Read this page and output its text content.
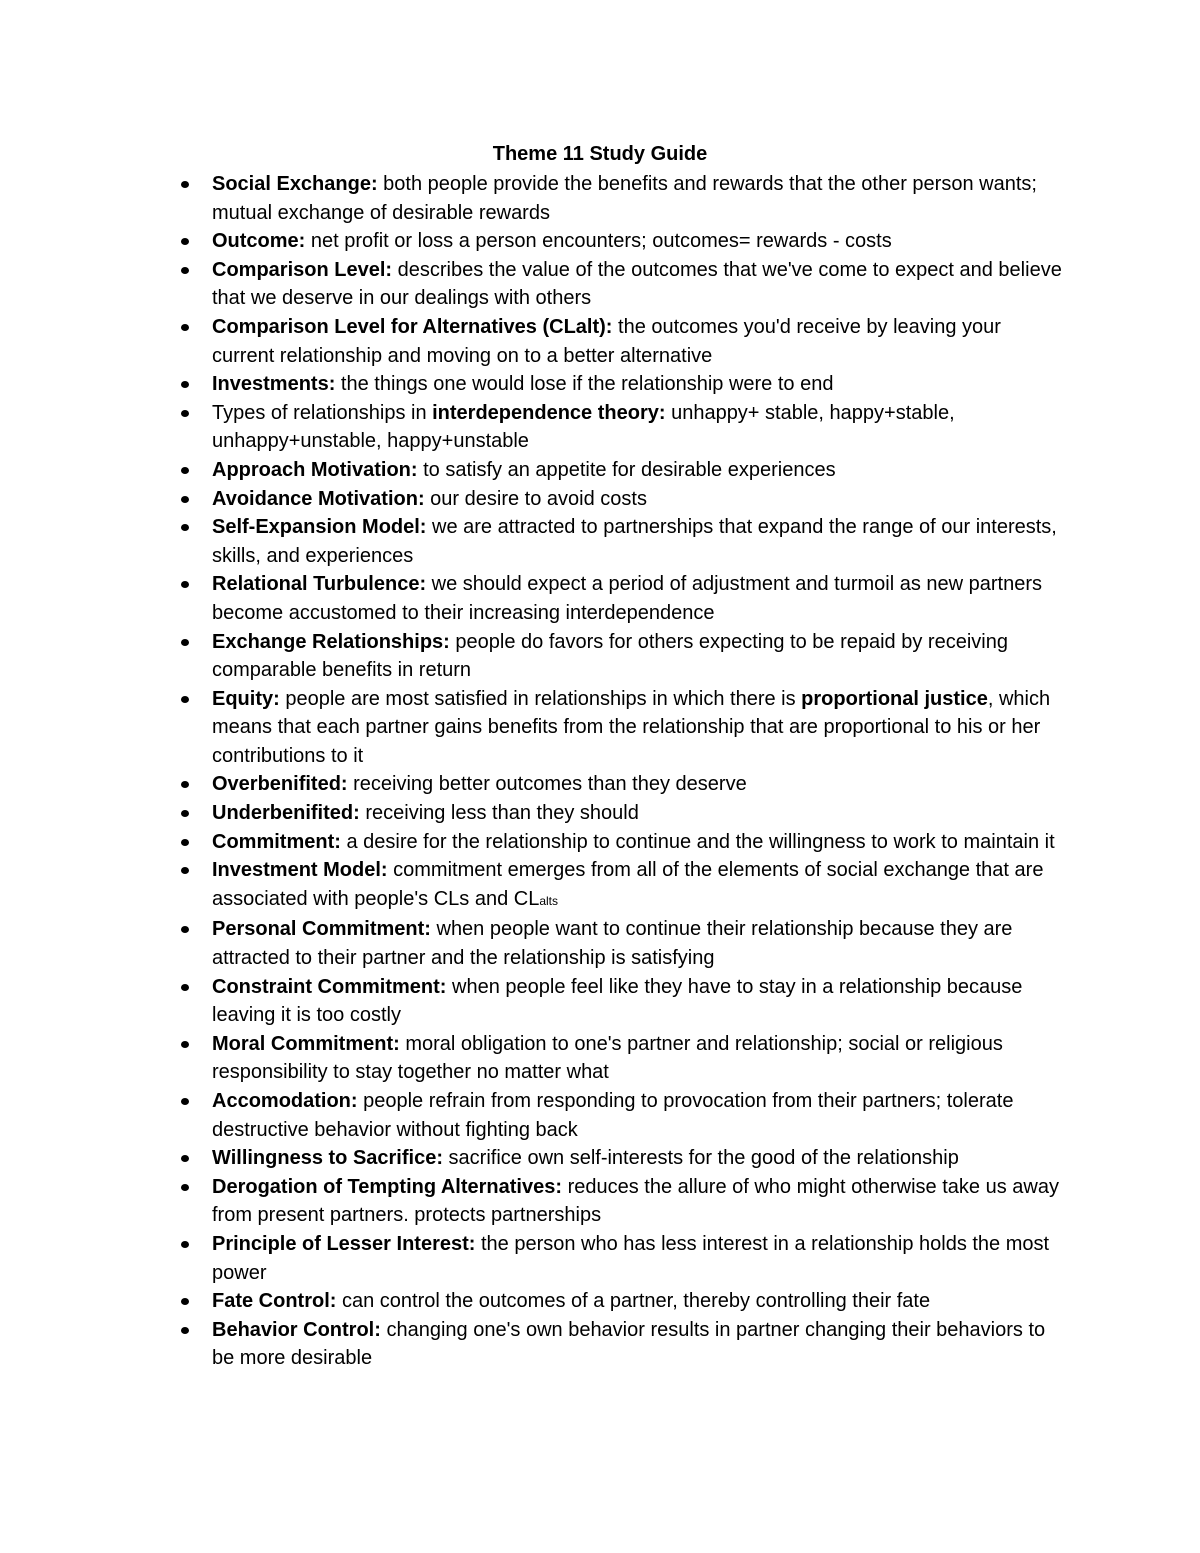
Theme 11 Study Guide
Social Exchange: both people provide the benefits and rewards that the other person wants; mutual exchange of desirable rewards
Outcome: net profit or loss a person encounters; outcomes= rewards - costs
Comparison Level: describes the value of the outcomes that we've come to expect and believe that we deserve in our dealings with others
Comparison Level for Alternatives (CLalt): the outcomes you'd receive by leaving your current relationship and moving on to a better alternative
Investments: the things one would lose if the relationship were to end
Types of relationships in interdependence theory: unhappy+ stable, happy+stable, unhappy+unstable, happy+unstable
Approach Motivation: to satisfy an appetite for desirable experiences
Avoidance Motivation: our desire to avoid costs
Self-Expansion Model: we are attracted to partnerships that expand the range of our interests, skills, and experiences
Relational Turbulence: we should expect a period of adjustment and turmoil as new partners become accustomed to their increasing interdependence
Exchange Relationships: people do favors for others expecting to be repaid by receiving comparable benefits in return
Equity: people are most satisfied in relationships in which there is proportional justice, which means that each partner gains benefits from the relationship that are proportional to his or her contributions to it
Overbenifited: receiving better outcomes than they deserve
Underbenifited: receiving less than they should
Commitment: a desire for the relationship to continue and the willingness to work to maintain it
Investment Model: commitment emerges from all of the elements of social exchange that are associated with people's CLs and CLalts
Personal Commitment: when people want to continue their relationship because they are attracted to their partner and the relationship is satisfying
Constraint Commitment: when people feel like they have to stay in a relationship because leaving it is too costly
Moral Commitment: moral obligation to one's partner and relationship; social or religious responsibility to stay together no matter what
Accomodation: people refrain from responding to provocation from their partners; tolerate destructive behavior without fighting back
Willingness to Sacrifice: sacrifice own self-interests for the good of the relationship
Derogation of Tempting Alternatives: reduces the allure of who might otherwise take us away from present partners. protects partnerships
Principle of Lesser Interest: the person who has less interest in a relationship holds the most power
Fate Control: can control the outcomes of a partner, thereby controlling their fate
Behavior Control: changing one's own behavior results in partner changing their behaviors to be more desirable
